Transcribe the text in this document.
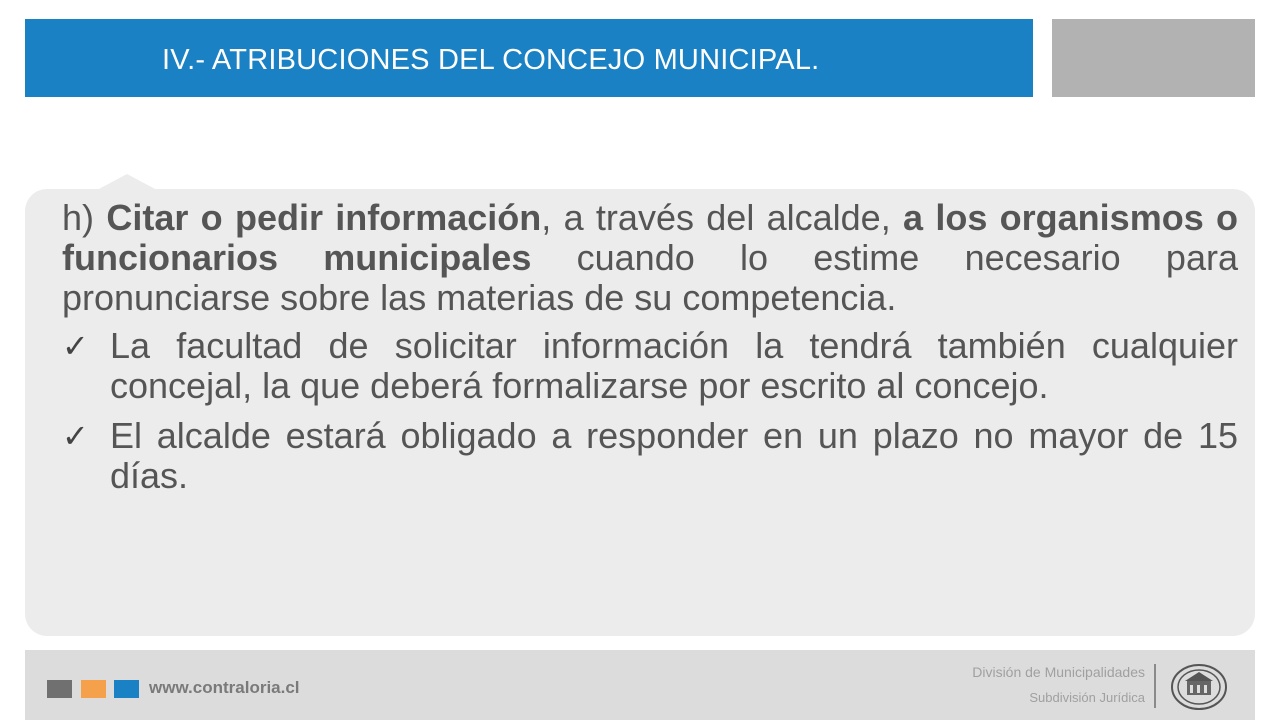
IV.- ATRIBUCIONES DEL CONCEJO MUNICIPAL.

h) Citar o pedir información, a través del alcalde, a los organismos o funcionarios municipales cuando lo estime necesario para pronunciarse sobre las materias de su competencia.

✓ La facultad de solicitar información la tendrá también cualquier concejal, la que deberá formalizarse por escrito al concejo.
✓ El alcalde estará obligado a responder en un plazo no mayor de 15 días.
www.contraloria.cl
División de Municipalidades
Subdivisión Jurídica
